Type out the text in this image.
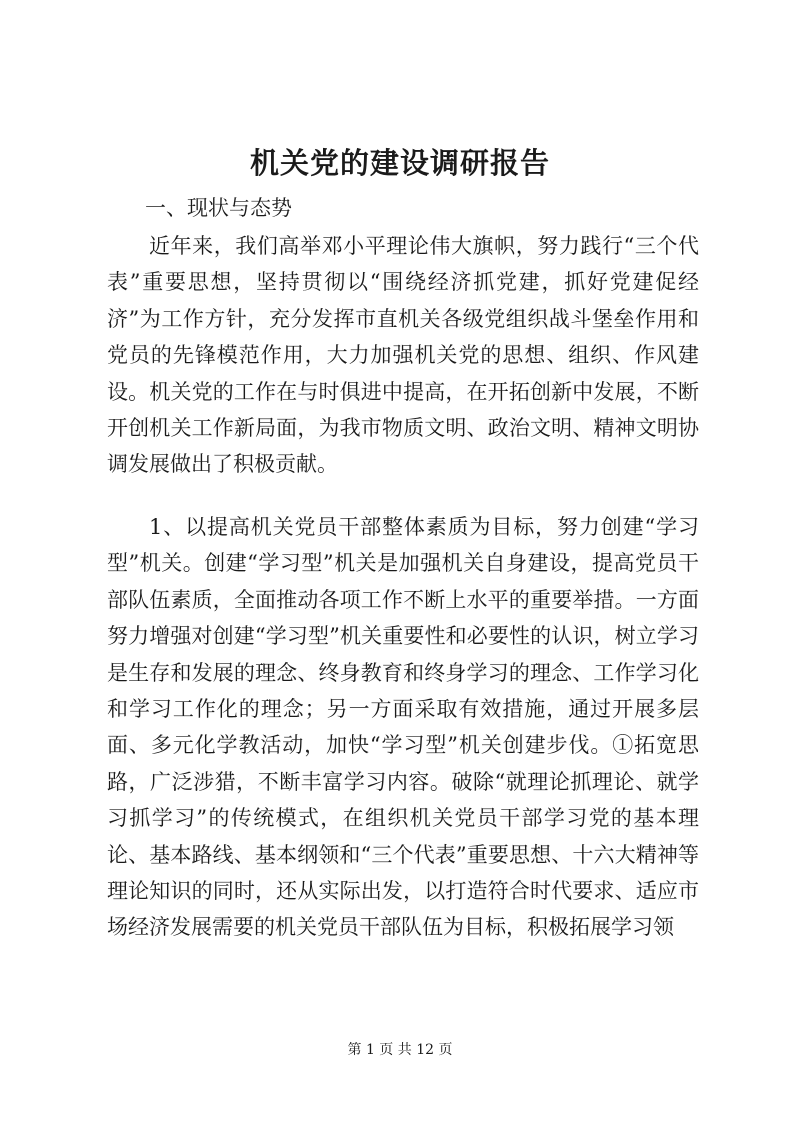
机关党的建设调研报告

一、现状与态势

近年来，我们高举邓小平理论伟大旗帜，努力践行“三个代表”重要思想，坚持贯彻以“围绕经济抓党建，抓好党建促经济”为工作方针，充分发挥市直机关各级党组织战斗堡垒作用和党员的先锋模范作用，大力加强机关党的思想、组织、作风建设。机关党的工作在与时俱进中提高，在开拓创新中发展，不断开创机关工作新局面，为我市物质文明、政治文明、精神文明协调发展做出了积极贡献。

1、以提高机关党员干部整体素质为目标，努力创建“学习型”机关。创建“学习型”机关是加强机关自身建设，提高党员干部队伍素质，全面推动各项工作不断上水平的重要举措。一方面努力增强对创建“学习型”机关重要性和必要性的认识，树立学习是生存和发展的理念、终身教育和终身学习的理念、工作学习化和学习工作化的理念；另一方面采取有效措施，通过开展多层面、多元化学教活动，加快“学习型”机关创建步伐。①拓宽思路，广泛涉猎，不断丰富学习内容。破除“就理论抓理论、就学习抓学习”的传统模式，在组织机关党员干部学习党的基本理论、基本路线、基本纲领和“三个代表”重要思想、十六大精神等理论知识的同时，还从实际出发，以打造符合时代要求、适应市场经济发展需要的机关党员干部队伍为目标，积极拓展学习领

第 1 页 共 12 页
